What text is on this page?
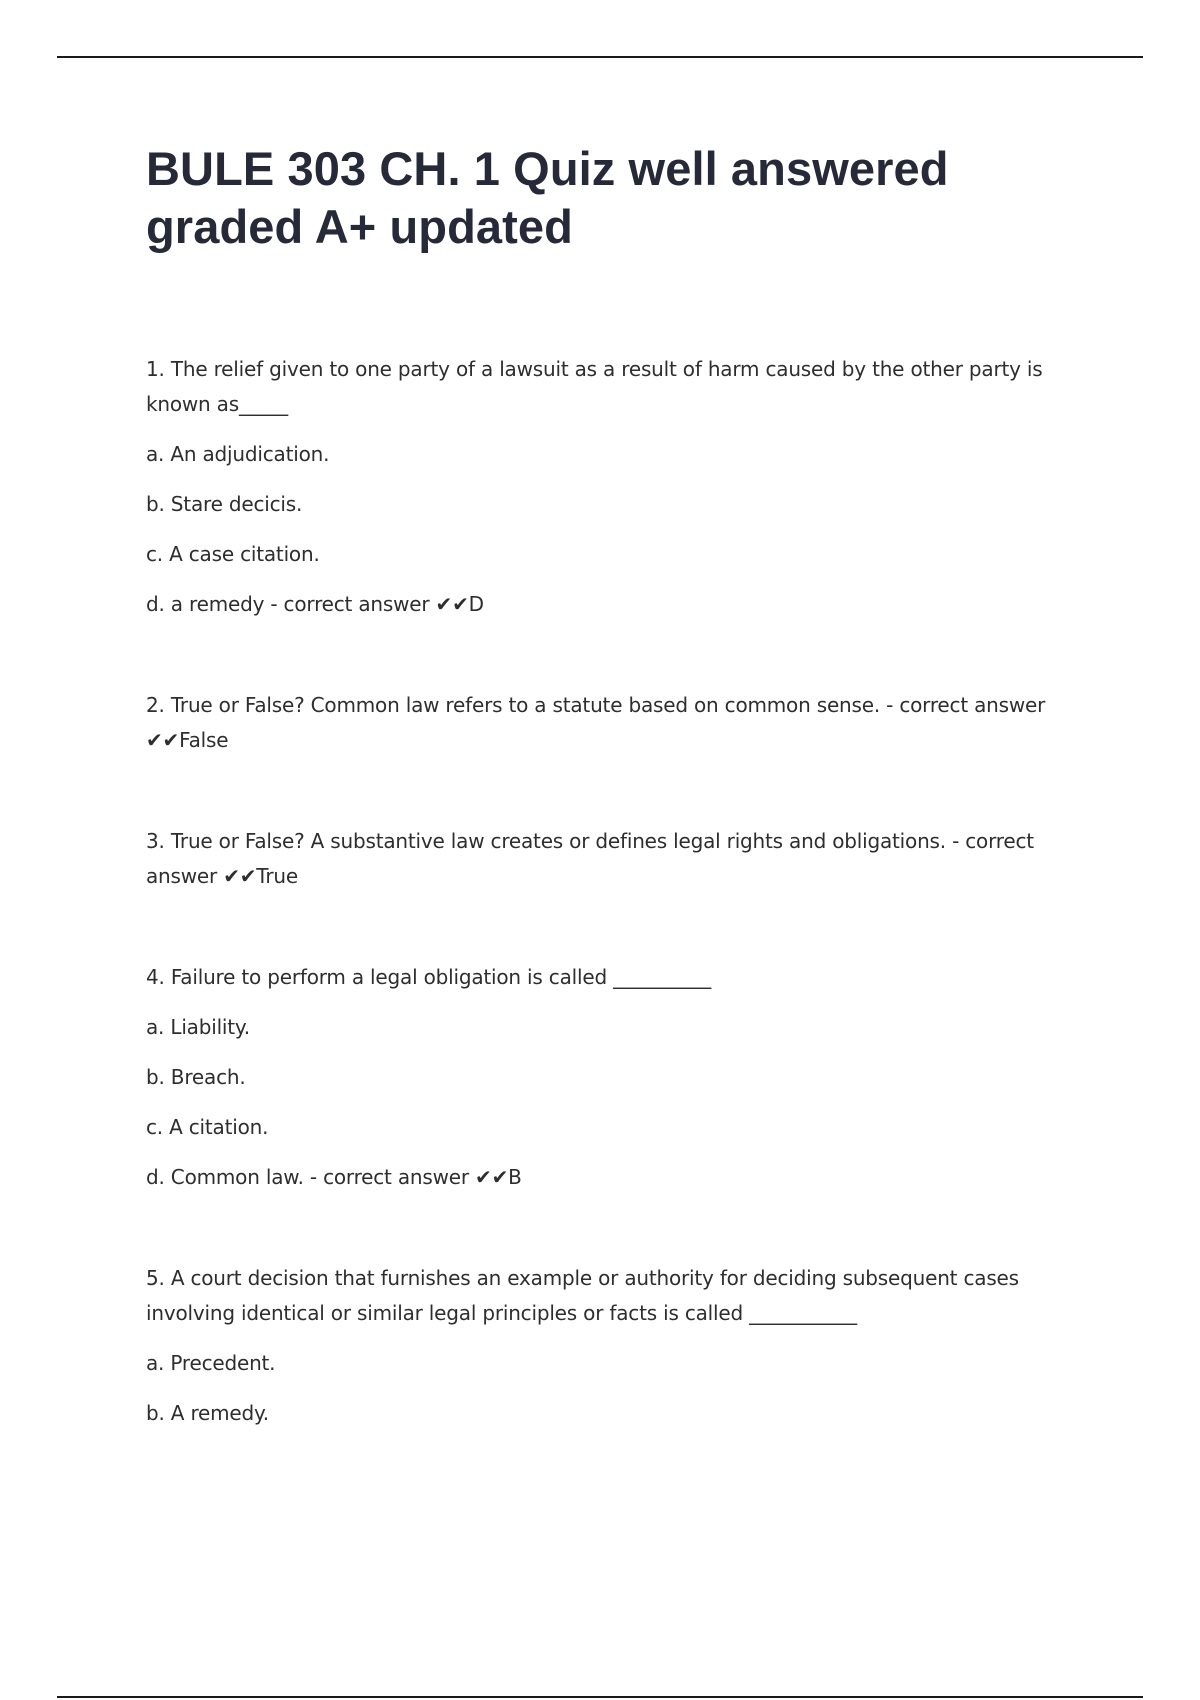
BULE 303 CH. 1 Quiz well answered graded A+ updated

1. The relief given to one party of a lawsuit as a result of harm caused by the other party is known as_____

a. An adjudication.

b. Stare decicis.

c. A case citation.

d. a remedy - correct answer ✔✔D

2. True or False? Common law refers to a statute based on common sense. - correct answer ✔✔False

3. True or False? A substantive law creates or defines legal rights and obligations. - correct answer ✔✔True

4. Failure to perform a legal obligation is called __________

a. Liability.

b. Breach.

c. A citation.

d. Common law. - correct answer ✔✔B

5. A court decision that furnishes an example or authority for deciding subsequent cases involving identical or similar legal principles or facts is called ___________

a. Precedent.

b. A remedy.
